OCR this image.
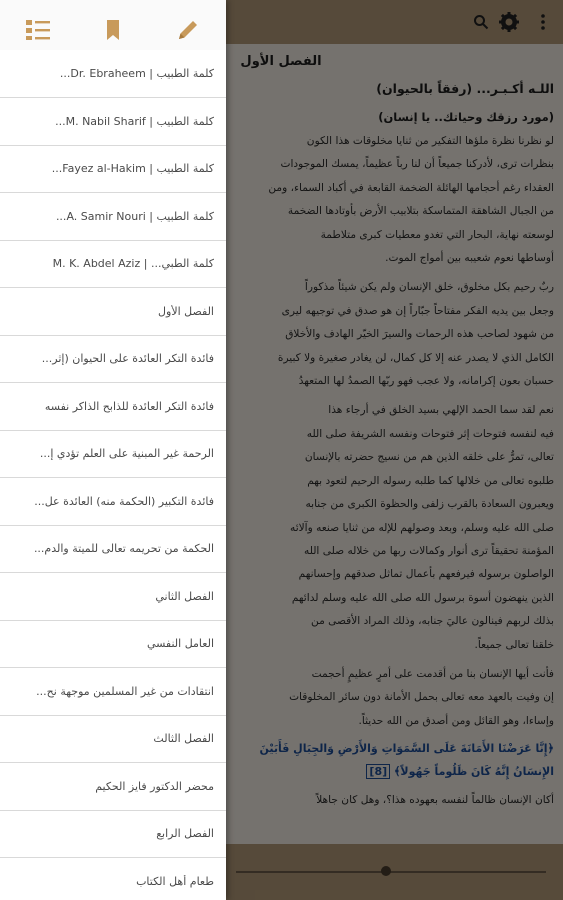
كلمة الطبيب | Dr. Ebraheem...
كلمة الطبيب | M. Nabil Sharif...
كلمة الطبيب | Fayez al-Hakim...
كلمة الطبيب | A. Samir Nouri...
كلمة الطبي... | M. K. Abdel Aziz
الفصل الأول
فائدة التكر العائدة على الحيوان (إثر...
فائدة التكر العائدة للذابح الذاكر نفسه
الرحمة غير المبنية على العلم تؤدي إ...
فائدة التكبير (الحكمة منه) العائدة عل...
الحكمة من تحريمه تعالى للميتة والدم...
الفصل الثاني
العامل النفسي
انتقادات من غير المسلمين موجهة نح...
الفصل الثالث
محضر الدكتور فايز الحكيم
الفصل الرابع
طعام أهل الكتاب
